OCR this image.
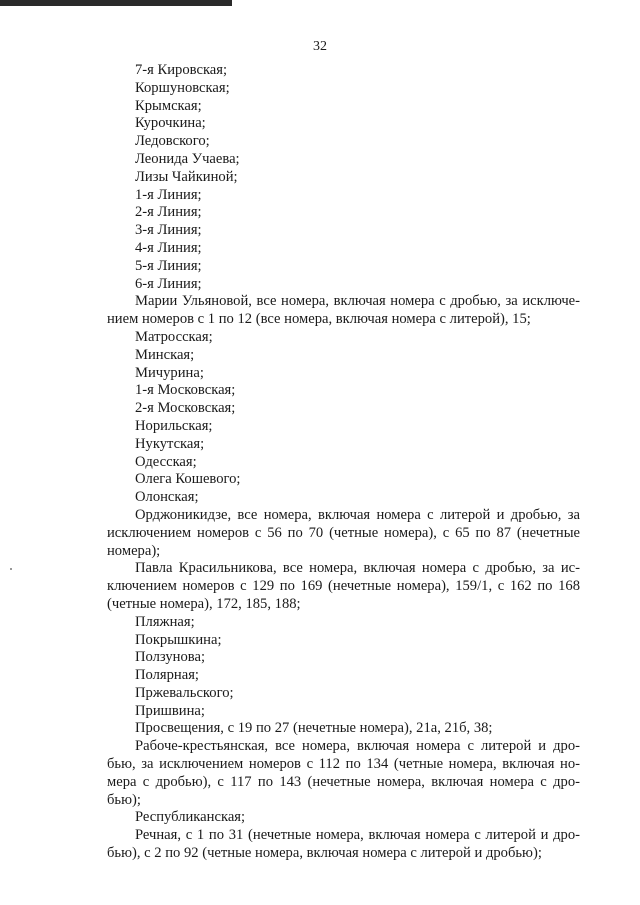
32

7-я Кировская;

Коршуновская;

Крымская;

Курочкина;

Ледовского;

Леонида Учаева;

Лизы Чайкиной;

1-я Линия;

2-я Линия;

3-я Линия;

4-я Линия;

5-я Линия;

6-я Линия;

Марии Ульяновой, все номера, включая номера с дробью, за исключе-

нием номеров с 1 по 12 (все номера, включая номера с литерой), 15;

Матросская;

Минская;

Мичурина;

1-я Московская;

2-я Московская;

Норильская;

Нукутская;

Одесская;

Олега Кошевого;

Олонская;

Орджоникидзе, все номера, включая номера с литерой и дробью, за

исключением номеров с 56 по 70 (четные номера), с 65 по 87 (нечетные

номера);

Павла Красильникова, все номера, включая номера с дробью, за ис-

ключением номеров с 129 по 169 (нечетные номера), 159/1, с 162 по 168

(четные номера), 172, 185, 188;

Пляжная;

Покрышкина;

Ползунова;

Полярная;

Пржевальского;

Пришвина;

Просвещения, с 19 по 27 (нечетные номера), 21а, 21б, 38;

Рабоче-крестьянская, все номера, включая номера с литерой и дро-

бью, за исключением номеров с 112 по 134 (четные номера, включая но-

мера с дробью), с 117 по 143 (нечетные номера, включая номера с дро-

бью);

Республиканская;

Речная, с 1 по 31 (нечетные номера, включая номера с литерой и дро-

бью), с 2 по 92 (четные номера, включая номера с литерой и дробью);
